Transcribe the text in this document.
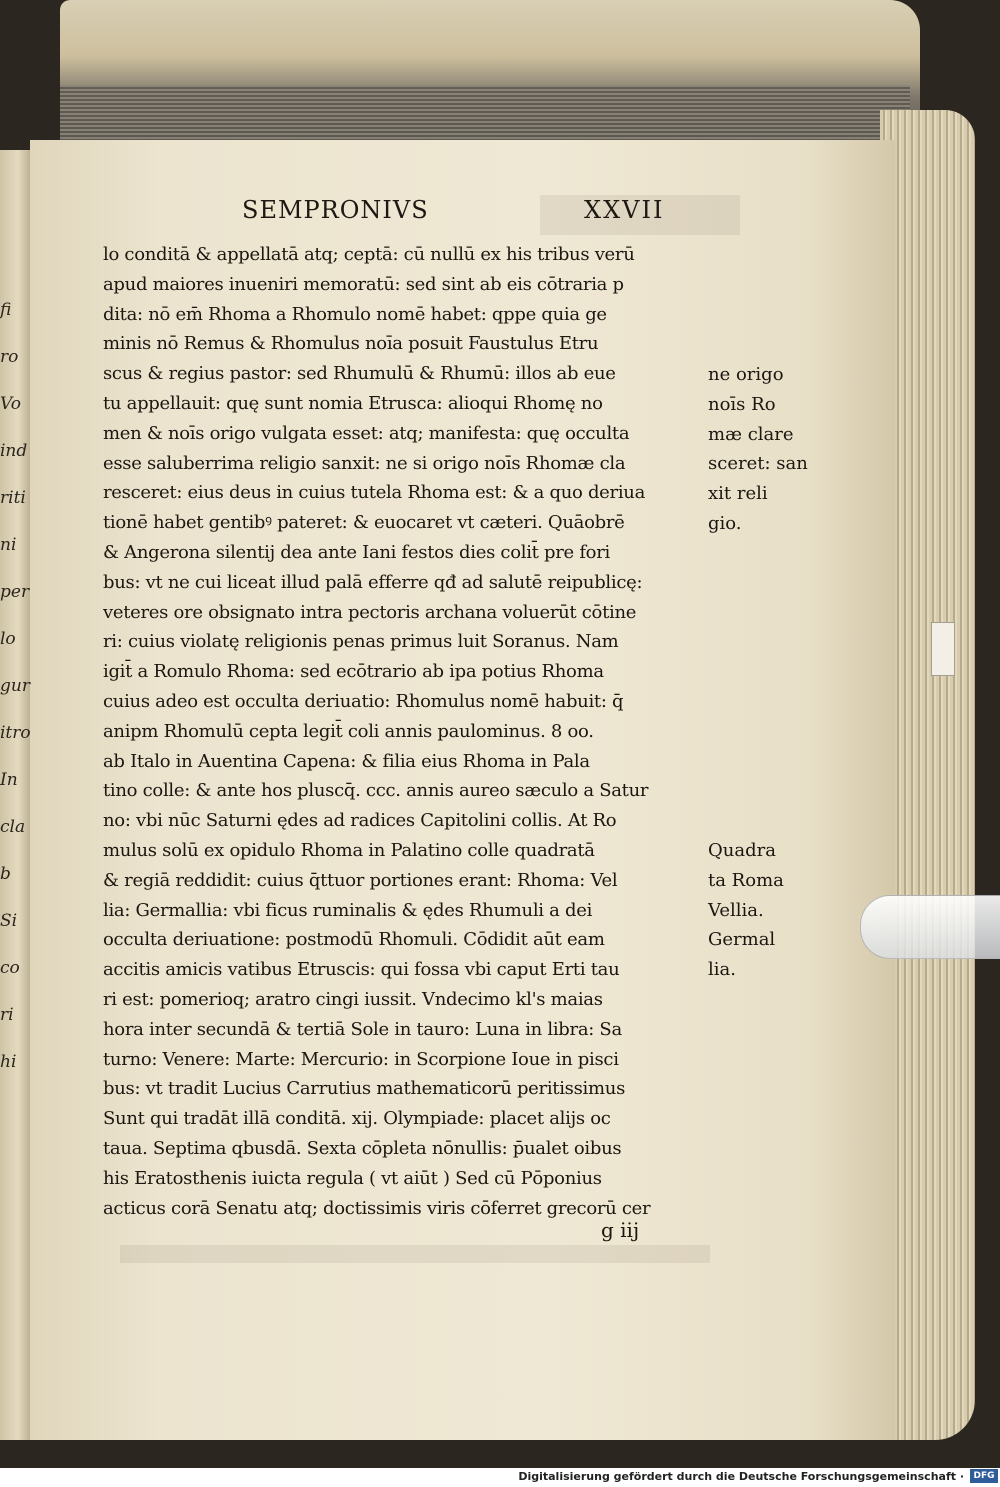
SEMPRONIVS	XXVII
lo conditā & appellatā atq; ceptā: cū nullū ex his tribus verū
apud maiores inueniri memoratū: sed sint ab eis cōtraria p
dita: nō em̄ Rhoma a Rhomulo nomē habet: qppe quia ge
minis nō Remus & Rhomulus noīa posuit Faustulus Etru
scus & regius pastor: sed Rhumulū & Rhumū: illos ab eue
tu appellauit: quę sunt nomia Etrusca: alioqui Rhomę no
men & noīs origo vulgata esset: atq; manifesta: quę occulta
esse saluberrima religio sanxit: ne si origo noīs Rhomæ cla
resceret: eius deus in cuius tutela Rhoma est: & a quo deriua
tionē habet gentibꝰ pateret: & euocaret vt cæteri. Quāobrē
& Angerona silentij dea ante Iani festos dies colit̄ pre fori
bus: vt ne cui liceat illud palā efferre qđ ad salutē reipublicę:
veteres ore obsignato intra pectoris archana voluerūt cōtine
ri: cuius violatę religionis penas primus luit Soranus. Nam
igit̄ a Romulo Rhoma: sed ecōtrario ab ipa potius Rhoma
cuius adeo est occulta deriuatio: Rhomulus nomē habuit: q̄
anipm Rhomulū cepta legit̄ coli annis paulominus. 8 oo.
ab Italo in Auentina Capena: & filia eius Rhoma in Pala
tino colle: & ante hos pluscq̄. ccc. annis aureo sæculo a Satur
no: vbi nūc Saturni ędes ad radices Capitolini collis. At Ro
mulus solū ex opidulo Rhoma in Palatino colle quadratā
& regiā reddidit: cuius q̄ttuor portiones erant: Rhoma: Vel
lia: Germallia: vbi ficus ruminalis & ędes Rhumuli a dei
occulta deriuatione: postmodū Rhomuli. Cōdidit aūt eam
accitis amicis vatibus Etruscis: qui fossa vbi caput Erti tau
ri est: pomerioq; aratro cingi iussit. Vndecimo kl's maias
hora inter secundā & tertiā Sole in tauro: Luna in libra: Sa
turno: Venere: Marte: Mercurio: in Scorpione Ioue in pisci
bus: vt tradit Lucius Carrutius mathematicorū peritissimus
Sunt qui tradāt illā conditā. xij. Olympiade: placet alijs oc
taua. Septima qbusdā. Sexta cōpleta nōnullis: p̄ualet oibus
his Eratosthenis iuicta regula ( vt aiūt ) Sed cū Pōponius
acticus corā Senatu atq; doctissimis viris cōferret grecorū cer
ne origo
noīs Ro
mæ clare
sceret: san
xit reli
gio.
Quadra
ta Roma
Vellia.
Germal
lia.
g iij
fi
ro
Vo
ind
riti
ni
per
lo
gur
itro
In
cla
b
Si
co
ri
hi
Digitalisierung gefördert durch die Deutsche Forschungsgemeinschaft ·	DFG
